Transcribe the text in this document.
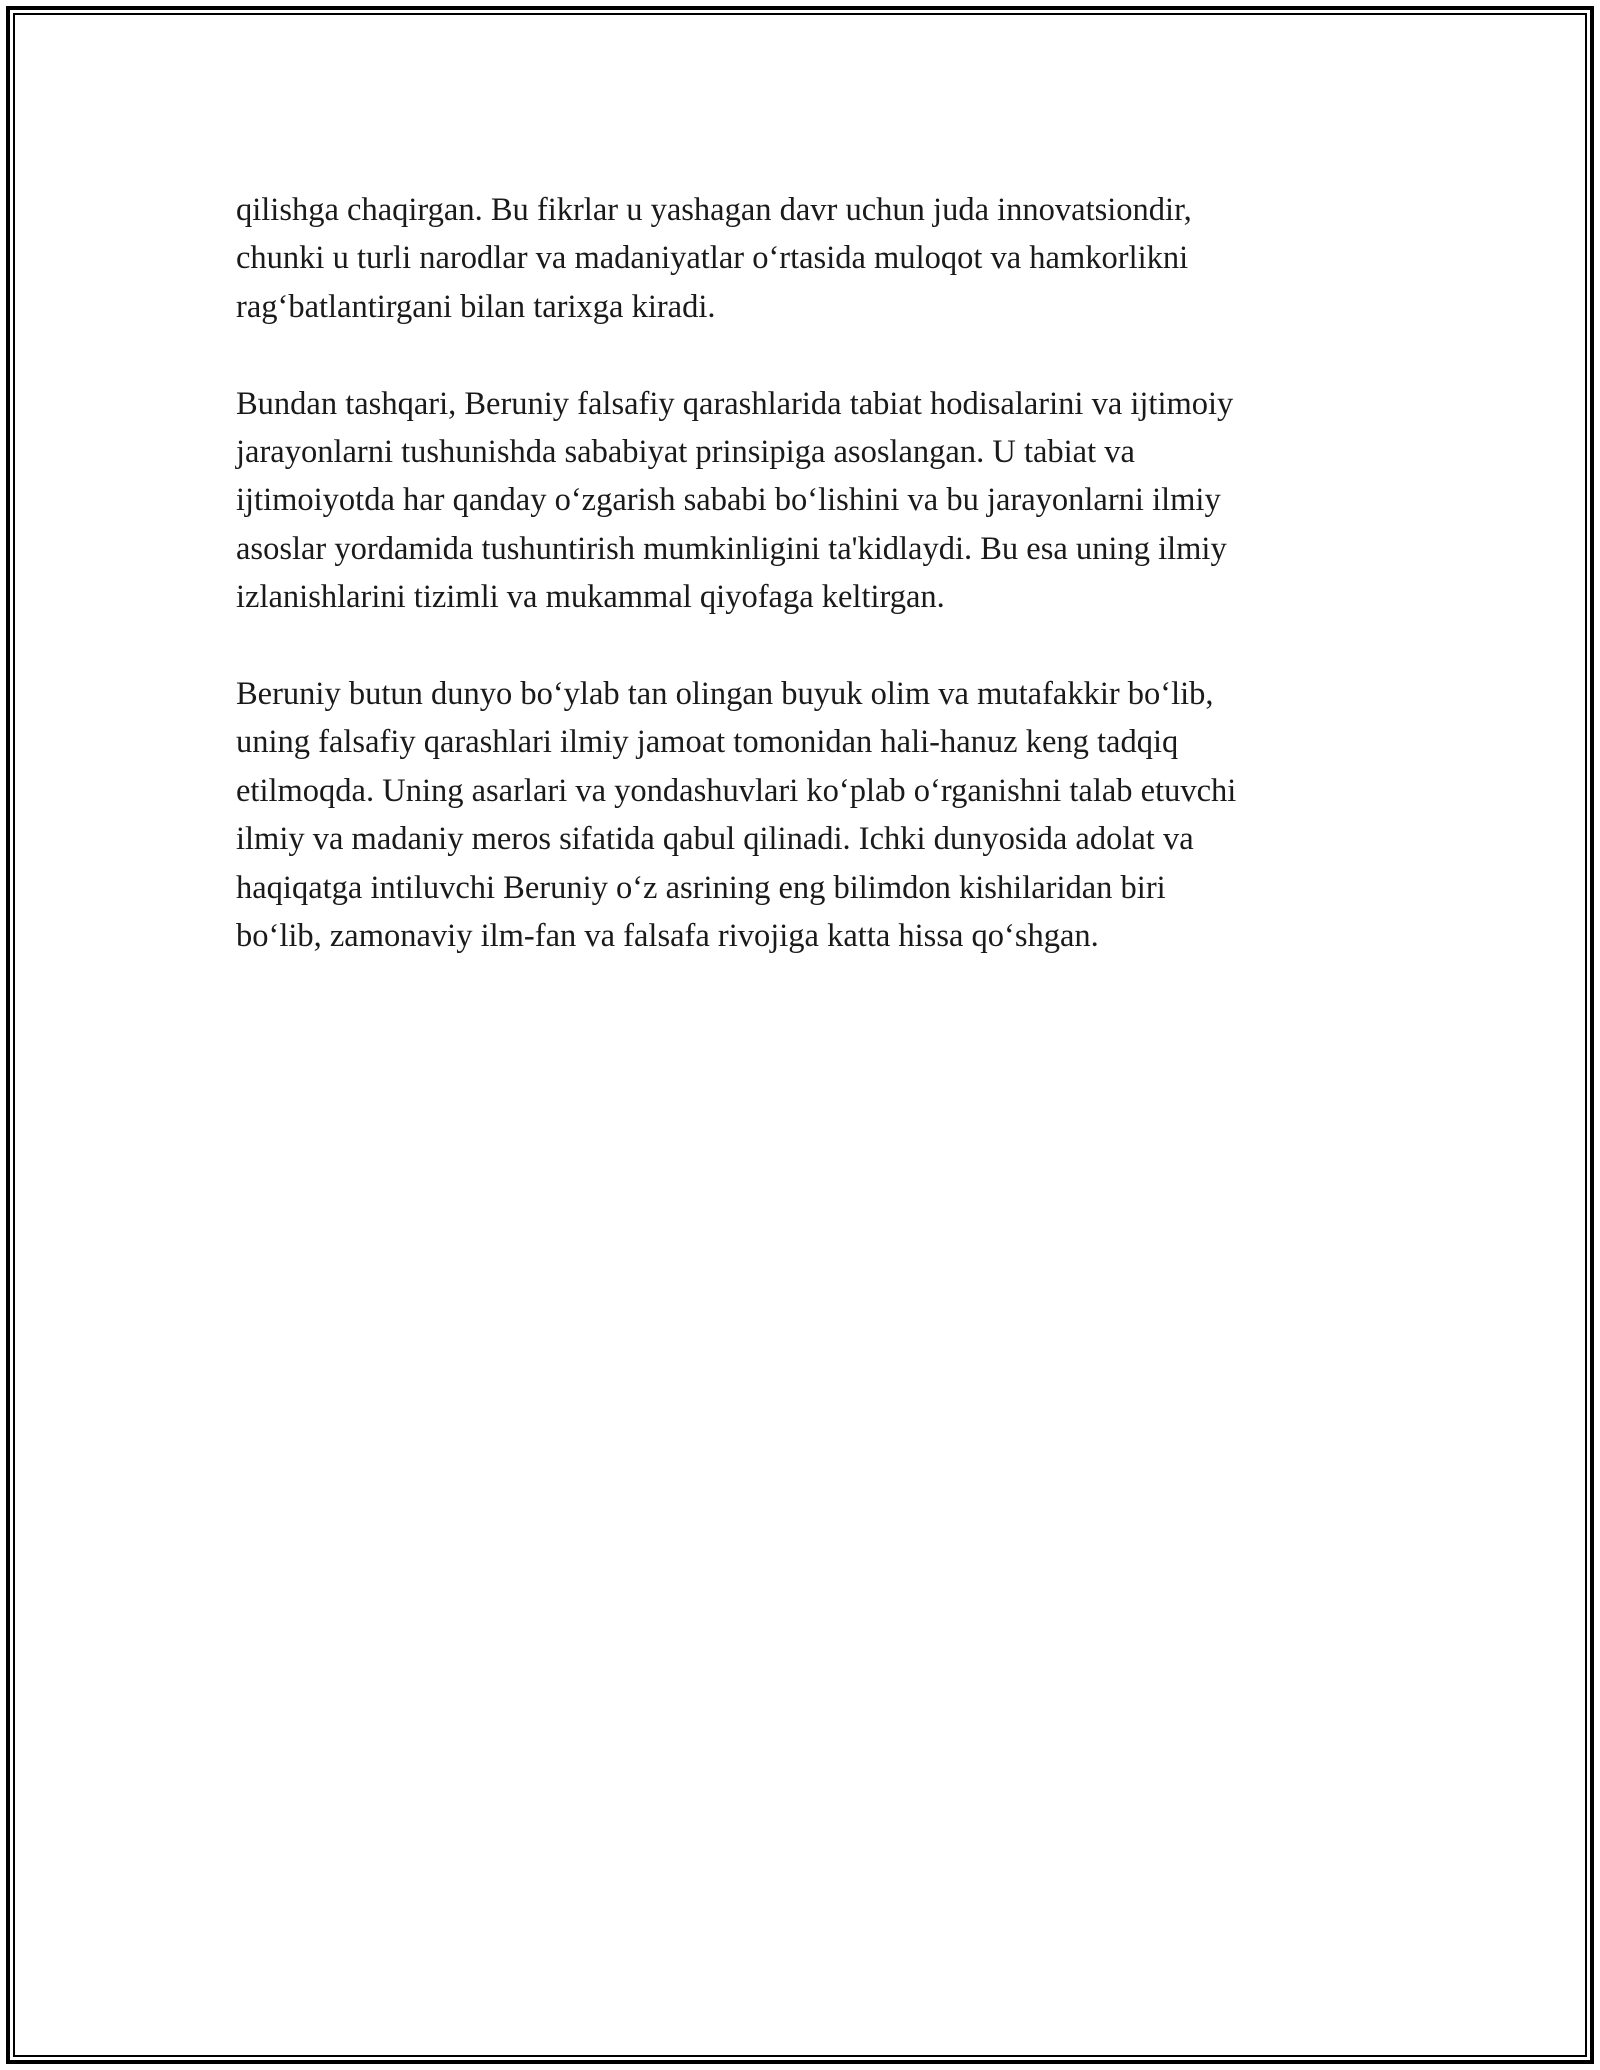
qilishga chaqirgan. Bu fikrlar u yashagan davr uchun juda innovatsiondir,
chunki u turli narodlar va madaniyatlar o‘rtasida muloqot va hamkorlikni
rag‘batlantirgani bilan tarixga kiradi.

Bundan tashqari, Beruniy falsafiy qarashlarida tabiat hodisalarini va ijtimoiy
jarayonlarni tushunishda sababiyat prinsipiga asoslangan. U tabiat va
ijtimoiyotda har qanday o‘zgarish sababi bo‘lishini va bu jarayonlarni ilmiy
asoslar yordamida tushuntirish mumkinligini ta'kidlaydi. Bu esa uning ilmiy
izlanishlarini tizimli va mukammal qiyofaga keltirgan.

Beruniy butun dunyo bo‘ylab tan olingan buyuk olim va mutafakkir bo‘lib,
uning falsafiy qarashlari ilmiy jamoat tomonidan hali-hanuz keng tadqiq
etilmoqda. Uning asarlari va yondashuvlari ko‘plab o‘rganishni talab etuvchi
ilmiy va madaniy meros sifatida qabul qilinadi. Ichki dunyosida adolat va
haqiqatga intiluvchi Beruniy o‘z asrining eng bilimdon kishilaridan biri
bo‘lib, zamonaviy ilm-fan va falsafa rivojiga katta hissa qo‘shgan.
